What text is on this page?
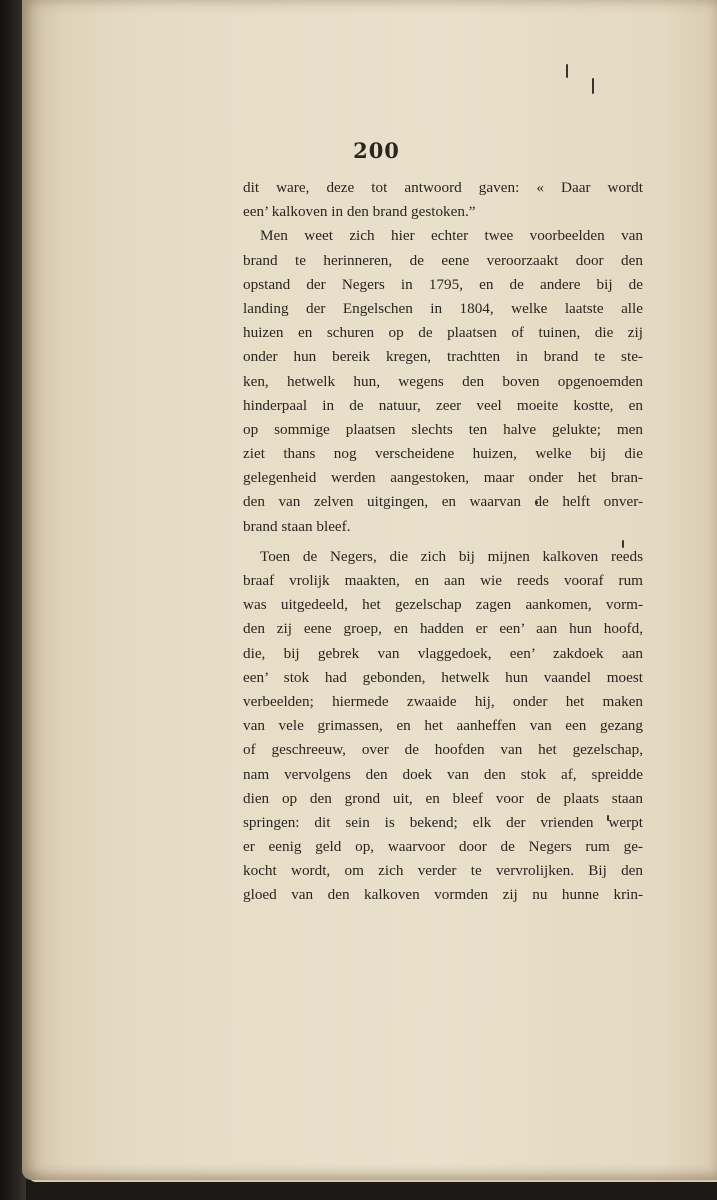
200
dit ware, deze tot antwoord gaven: « Daar wordt
een’ kalkoven in den brand gestoken.”
Men weet zich hier echter twee voorbeelden van
brand te herinneren, de eene veroorzaakt door den
opstand der Negers in 1795, en de andere bij de
landing der Engelschen in 1804, welke laatste alle
huizen en schuren op de plaatsen of tuinen, die zij
onder hun bereik kregen, trachtten in brand te ste-
ken, hetwelk hun, wegens den boven opgenoemden
hinderpaal in de natuur, zeer veel moeite kostte, en
op sommige plaatsen slechts ten halve gelukte; men
ziet thans nog verscheidene huizen, welke bij die
gelegenheid werden aangestoken, maar onder het bran-
den van zelven uitgingen, en waarvan de helft onver-
brand staan bleef.
Toen de Negers, die zich bij mijnen kalkoven reeds
braaf vrolijk maakten, en aan wie reeds vooraf rum
was uitgedeeld, het gezelschap zagen aankomen, vorm-
den zij eene groep, en hadden er een’ aan hun hoofd,
die, bij gebrek van vlaggedoek, een’ zakdoek aan
een’ stok had gebonden, hetwelk hun vaandel moest
verbeelden; hiermede zwaaide hij, onder het maken
van vele grimassen, en het aanheffen van een gezang
of geschreeuw, over de hoofden van het gezelschap,
nam vervolgens den doek van den stok af, spreidde
dien op den grond uit, en bleef voor de plaats staan
springen: dit sein is bekend; elk der vrienden werpt
er eenig geld op, waarvoor door de Negers rum ge-
kocht wordt, om zich verder te vervrolijken. Bij den
gloed van den kalkoven vormden zij nu hunne krin-
